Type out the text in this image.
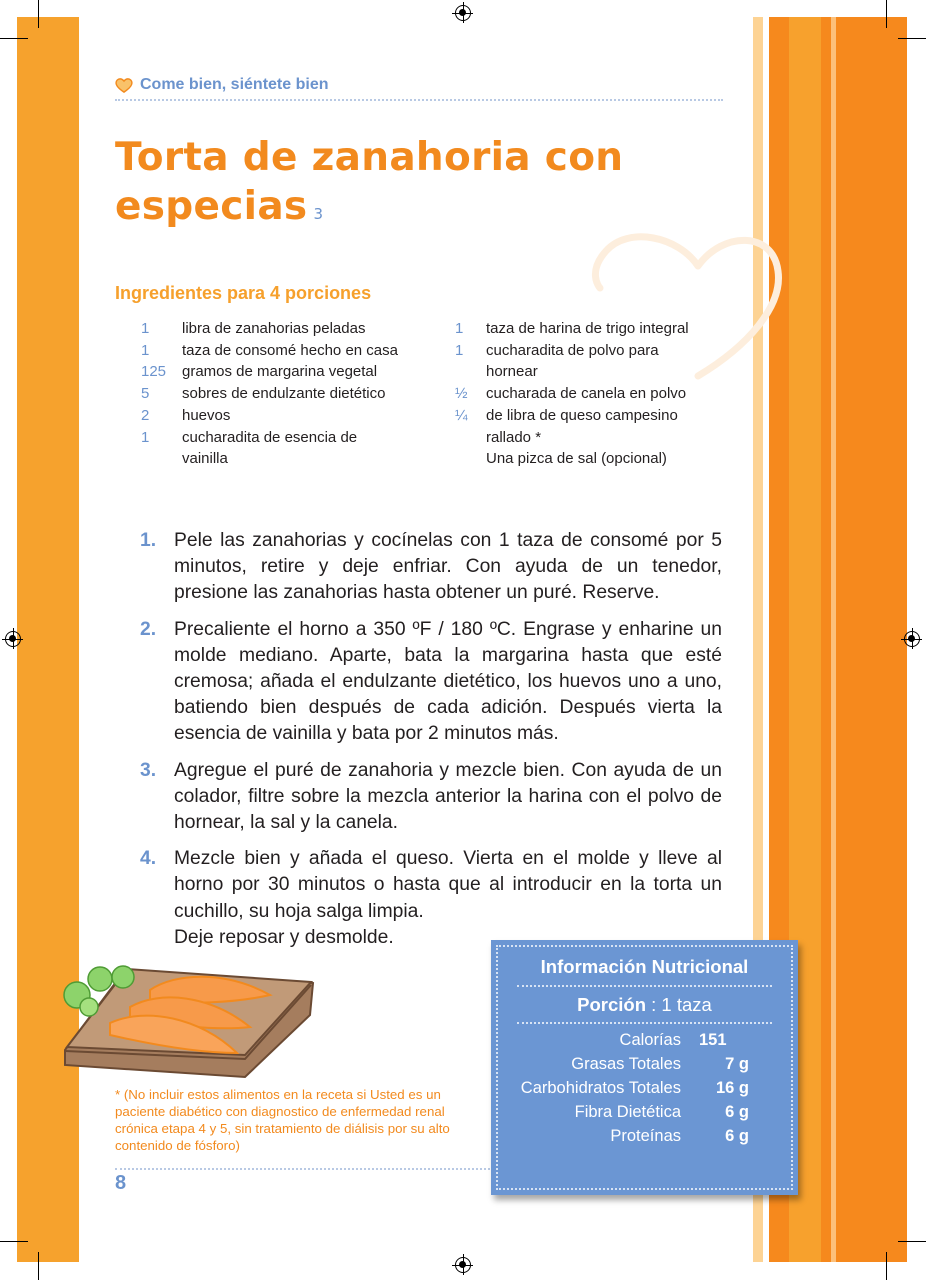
Come bien, siéntete bien
Torta de zanahoria con
especias $^3$
Ingredientes para 4 porciones
1	libra de zanahorias peladas
1	taza de consomé hecho en casa
125	gramos de margarina vegetal
5	sobres de endulzante dietético
2	huevos
1	cucharadita de esencia de vainilla
1	taza de harina de trigo integral
1	cucharadita de polvo para hornear
½	cucharada de canela en polvo
¼	de libra de queso campesino rallado *
Una pizca de sal (opcional)
1. Pele las zanahorias y cocínelas con 1 taza de consomé por 5 minutos, retire y deje enfriar. Con ayuda de un tenedor, presione las zanahorias hasta obtener un puré. Reserve.
2. Precaliente el horno a 350 ºF / 180 ºC. Engrase y enharine un molde mediano. Aparte, bata la margarina hasta que esté cremosa; añada el endulzante dietético, los huevos uno a uno, batiendo bien después de cada adición. Después vierta la esencia de vainilla y bata por 2 minutos más.
3. Agregue el puré de zanahoria y mezcle bien. Con ayuda de un colador, filtre sobre la mezcla anterior la harina con el polvo de hornear, la sal y la canela.
4. Mezcle bien y añada el queso. Vierta en el molde y lleve al horno por 30 minutos o hasta que al introducir en la torta un cuchillo, su hoja salga limpia.
Deje reposar y desmolde.
* (No incluir estos alimentos en la receta si Usted es un paciente diabético con diagnostico de enfermedad renal crónica etapa 4 y 5, sin tratamiento de diálisis por su alto contenido de fósforo)
8
Información Nutricional
Porción : 1 taza
Calorías	151
Grasas Totales	7 g
Carbohidratos Totales	16 g
Fibra Dietética	6 g
Proteínas	6 g
